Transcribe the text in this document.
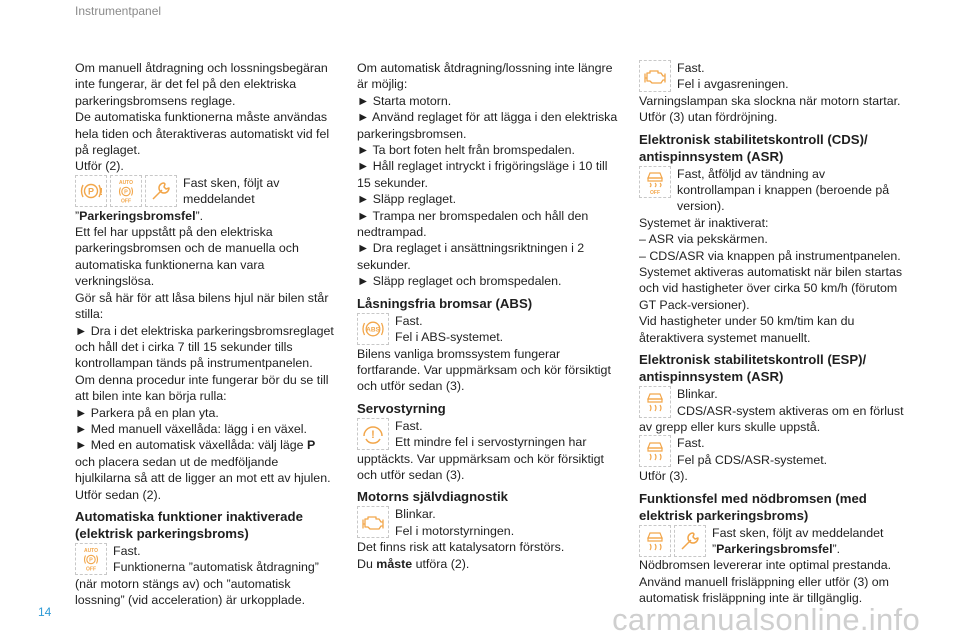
Instrumentpanel

Om manuell åtdragning och lossningsbegäran inte fungerar, är det fel på den elektriska parkeringsbromsens reglage.

De automatiska funktionerna måste användas hela tiden och återaktiveras automatiskt vid fel på reglaget.

Utför (2).

P !
AUTO
P
OFF

Fast sken, följt av meddelandet

”Parkeringsbromsfel”.

Ett fel har uppstått på den elektriska parkeringsbromsen och de manuella och automatiska funktionerna kan vara verkningslösa.

Gör så här för att låsa bilens hjul när bilen står stilla:

► Dra i det elektriska parkeringsbromsreglaget och håll det i cirka 7 till 15 sekunder tills kontrollampan tänds på instrumentpanelen.

Om denna procedur inte fungerar bör du se till att bilen inte kan börja rulla:

► Parkera på en plan yta.

► Med manuell växellåda: lägg i en växel.

► Med en automatisk växellåda: välj läge P och placera sedan ut de medföljande hjulkilarna så att de ligger an mot ett av hjulen.

Utför sedan (2).

Automatiska funktioner inaktiverade (elektrisk parkeringsbroms)

AUTO
P
OFF

Fast.

Funktionerna ”automatisk åtdragning”

(när motorn stängs av) och ”automatisk lossning” (vid acceleration) är urkopplade.

Om automatisk åtdragning/lossning inte längre är möjlig:

► Starta motorn.

► Använd reglaget för att lägga i den elektriska parkeringsbromsen.

► Ta bort foten helt från bromspedalen.

► Håll reglaget intryckt i frigöringsläge i 10 till 15 sekunder.

► Släpp reglaget.

► Trampa ner bromspedalen och håll den nedtrampad.

► Dra reglaget i ansättningsriktningen i 2 sekunder.

► Släpp reglaget och bromspedalen.

Låsningsfria bromsar (ABS)

ABS

Fast.

Fel i ABS-systemet.

Bilens vanliga bromssystem fungerar fortfarande. Var uppmärksam och kör försiktigt och utför sedan (3).

Servostyrning

!

Fast.

Ett mindre fel i servostyrningen har

upptäckts. Var uppmärksam och kör försiktigt och utför sedan (3).

Motorns självdiagnostik

Blinkar.

Fel i motorstyrningen.

Det finns risk att katalysatorn förstörs.

Du måste utföra (2).

Fast.

Fel i avgasreningen.

Varningslampan ska slockna när motorn startar. Utför (3) utan fördröjning.

Elektronisk stabilitetskontroll (CDS)/ antispinnsystem (ASR)

OFF

Fast, åtföljd av tändning av kontrollampan i knappen (beroende på version).

Systemet är inaktiverat:

– ASR via pekskärmen.

– CDS/ASR via knappen på instrumentpanelen.

Systemet aktiveras automatiskt när bilen startas och vid hastigheter över cirka 50 km/h (förutom GT Pack-versioner).

Vid hastigheter under 50 km/tim kan du återaktivera systemet manuellt.

Elektronisk stabilitetskontroll (ESP)/ antispinnsystem (ASR)

Blinkar.

CDS/ASR-system aktiveras om en förlust

av grepp eller kurs skulle uppstå.

Fast.

Fel på CDS/ASR-systemet.

Utför (3).

Funktionsfel med nödbromsen (med elektrisk parkeringsbroms)

Fast sken, följt av meddelandet

”Parkeringsbromsfel”.

Nödbromsen levererar inte optimal prestanda. Använd manuell frisläppning eller utför (3) om automatisk frisläppning inte är tillgänglig.

14	carmanualsonline.info
